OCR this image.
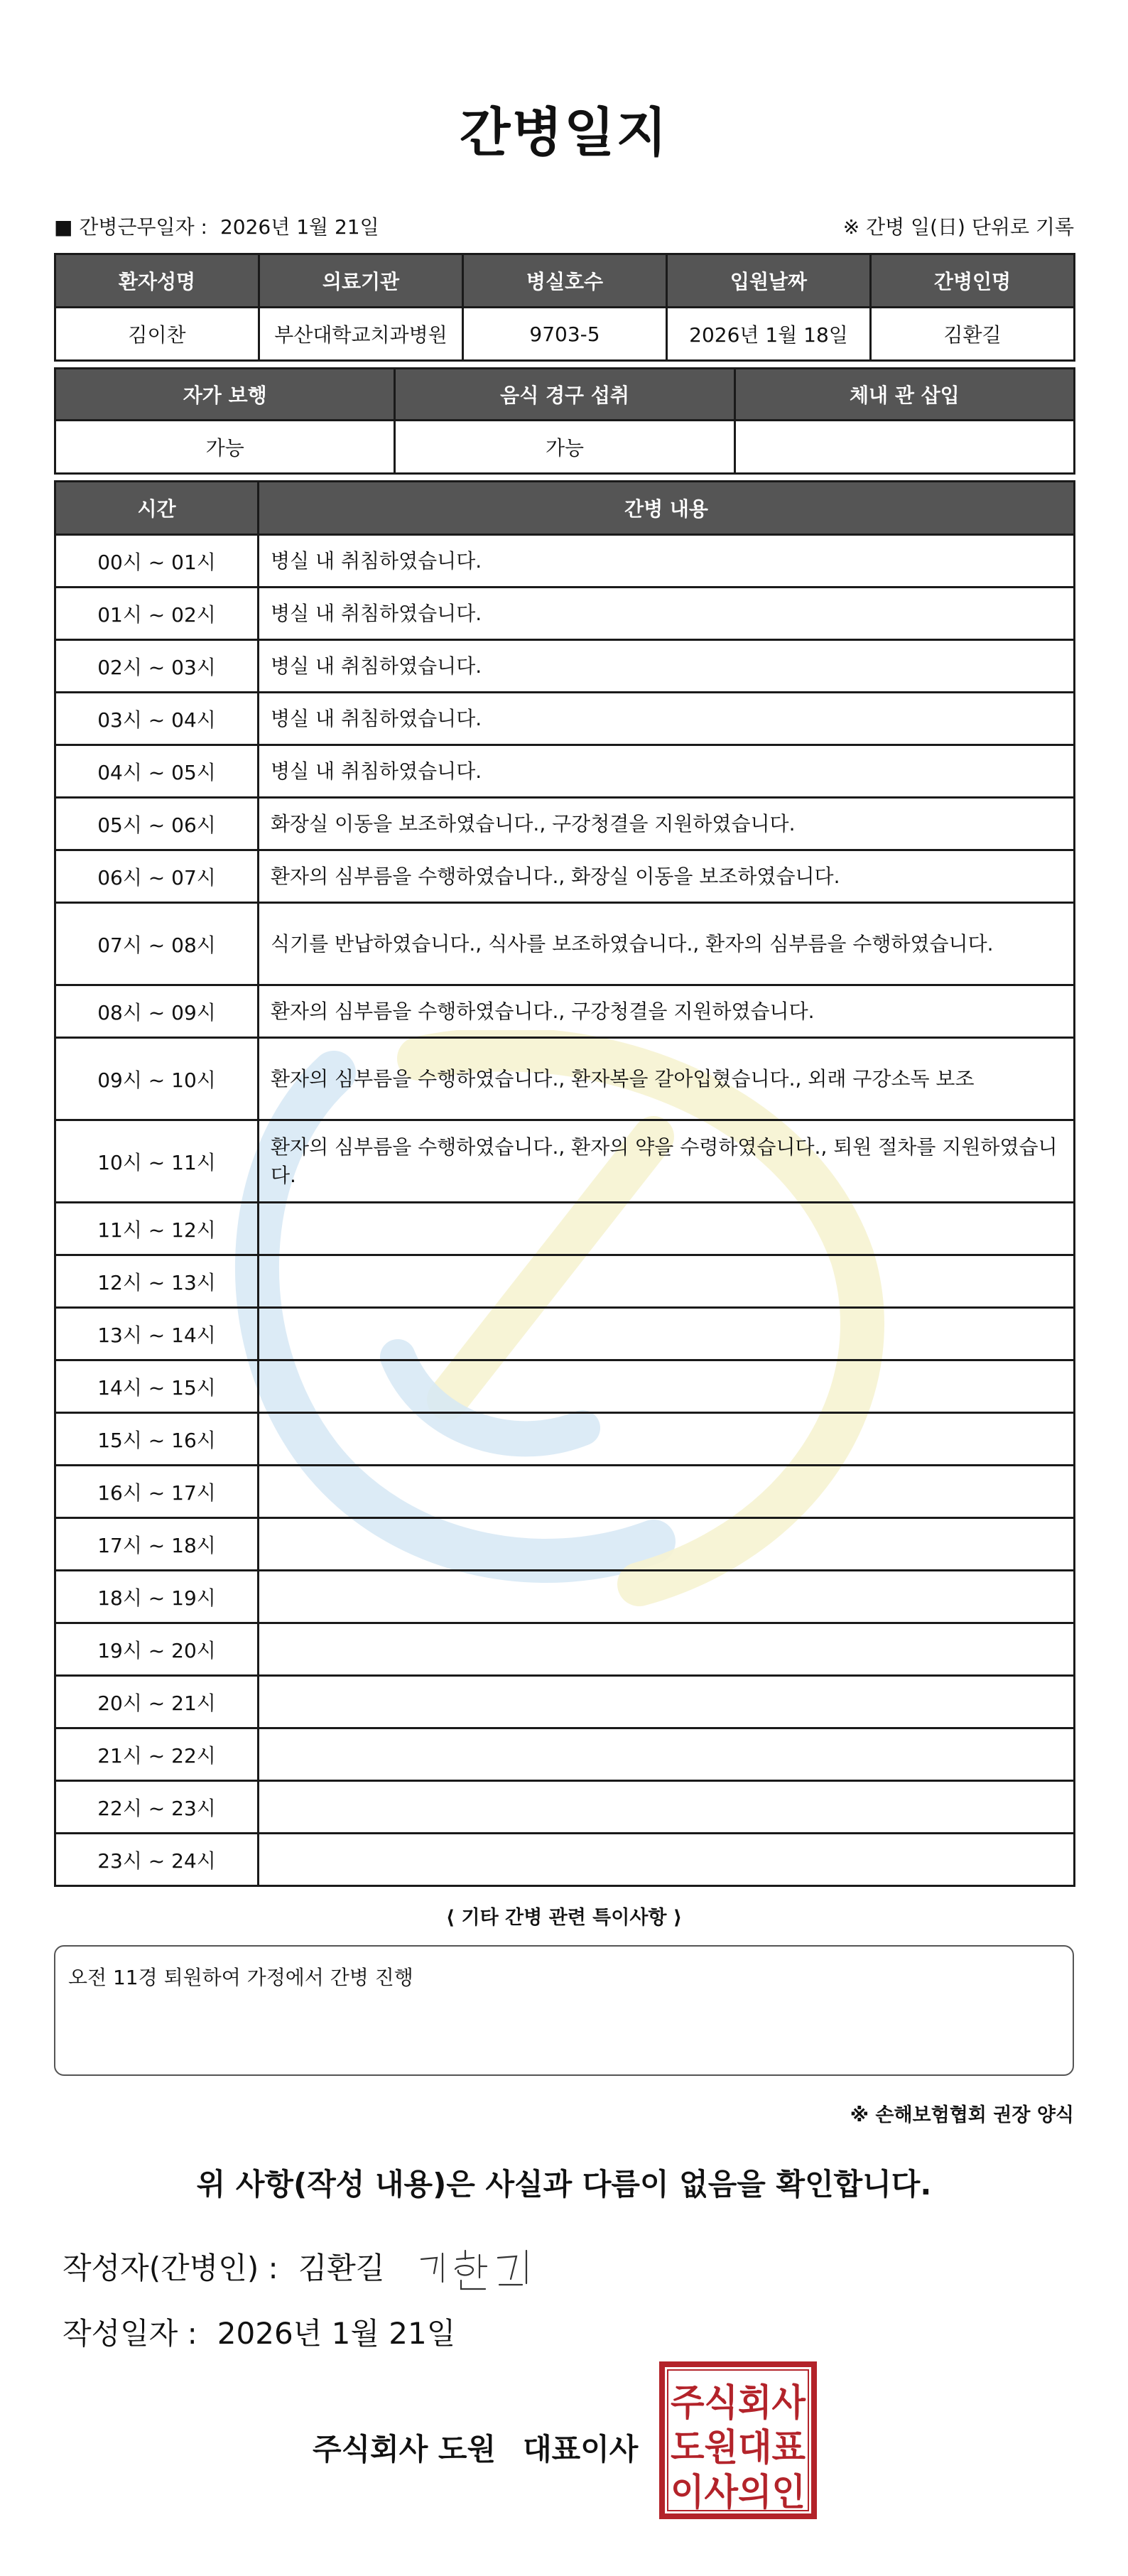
간병일지
■ 간병근무일자 : 2026년 1월 21일	※ 간병 일(日) 단위로 기록
환자성명	의료기관	병실호수	입원날짜	간병인명
김이찬	부산대학교치과병원	9703-5	2026년 1월 18일	김환길
자가 보행	음식 경구 섭취	체내 관 삽입
가능	가능	
시간	간병 내용
00시 ~ 01시	병실 내 취침하였습니다.
01시 ~ 02시	병실 내 취침하였습니다.
02시 ~ 03시	병실 내 취침하였습니다.
03시 ~ 04시	병실 내 취침하였습니다.
04시 ~ 05시	병실 내 취침하였습니다.
05시 ~ 06시	화장실 이동을 보조하였습니다., 구강청결을 지원하였습니다.
06시 ~ 07시	환자의 심부름을 수행하였습니다., 화장실 이동을 보조하였습니다.
07시 ~ 08시	식기를 반납하였습니다., 식사를 보조하였습니다., 환자의 심부름을 수행하였습니다.
08시 ~ 09시	환자의 심부름을 수행하였습니다., 구강청결을 지원하였습니다.
09시 ~ 10시	환자의 심부름을 수행하였습니다., 환자복을 갈아입혔습니다., 외래 구강소독 보조
10시 ~ 11시	환자의 심부름을 수행하였습니다., 환자의 약을 수령하였습니다., 퇴원 절차를 지원하였습니다.
11시 ~ 12시	
12시 ~ 13시	
13시 ~ 14시	
14시 ~ 15시	
15시 ~ 16시	
16시 ~ 17시	
17시 ~ 18시	
18시 ~ 19시	
19시 ~ 20시	
20시 ~ 21시	
21시 ~ 22시	
22시 ~ 23시	
23시 ~ 24시	
⟨ 기타 간병 관련 특이사항 ⟩
오전 11경 퇴원하여 가정에서 간병 진행
※ 손해보험협회 권장 양식
위 사항(작성 내용)은 사실과 다름이 없음을 확인합니다.
작성자(간병인) : 김환길
작성일자 : 2026년 1월 21일
주식회사 도원 대표이사
주식회사
도원대표
이사의인
